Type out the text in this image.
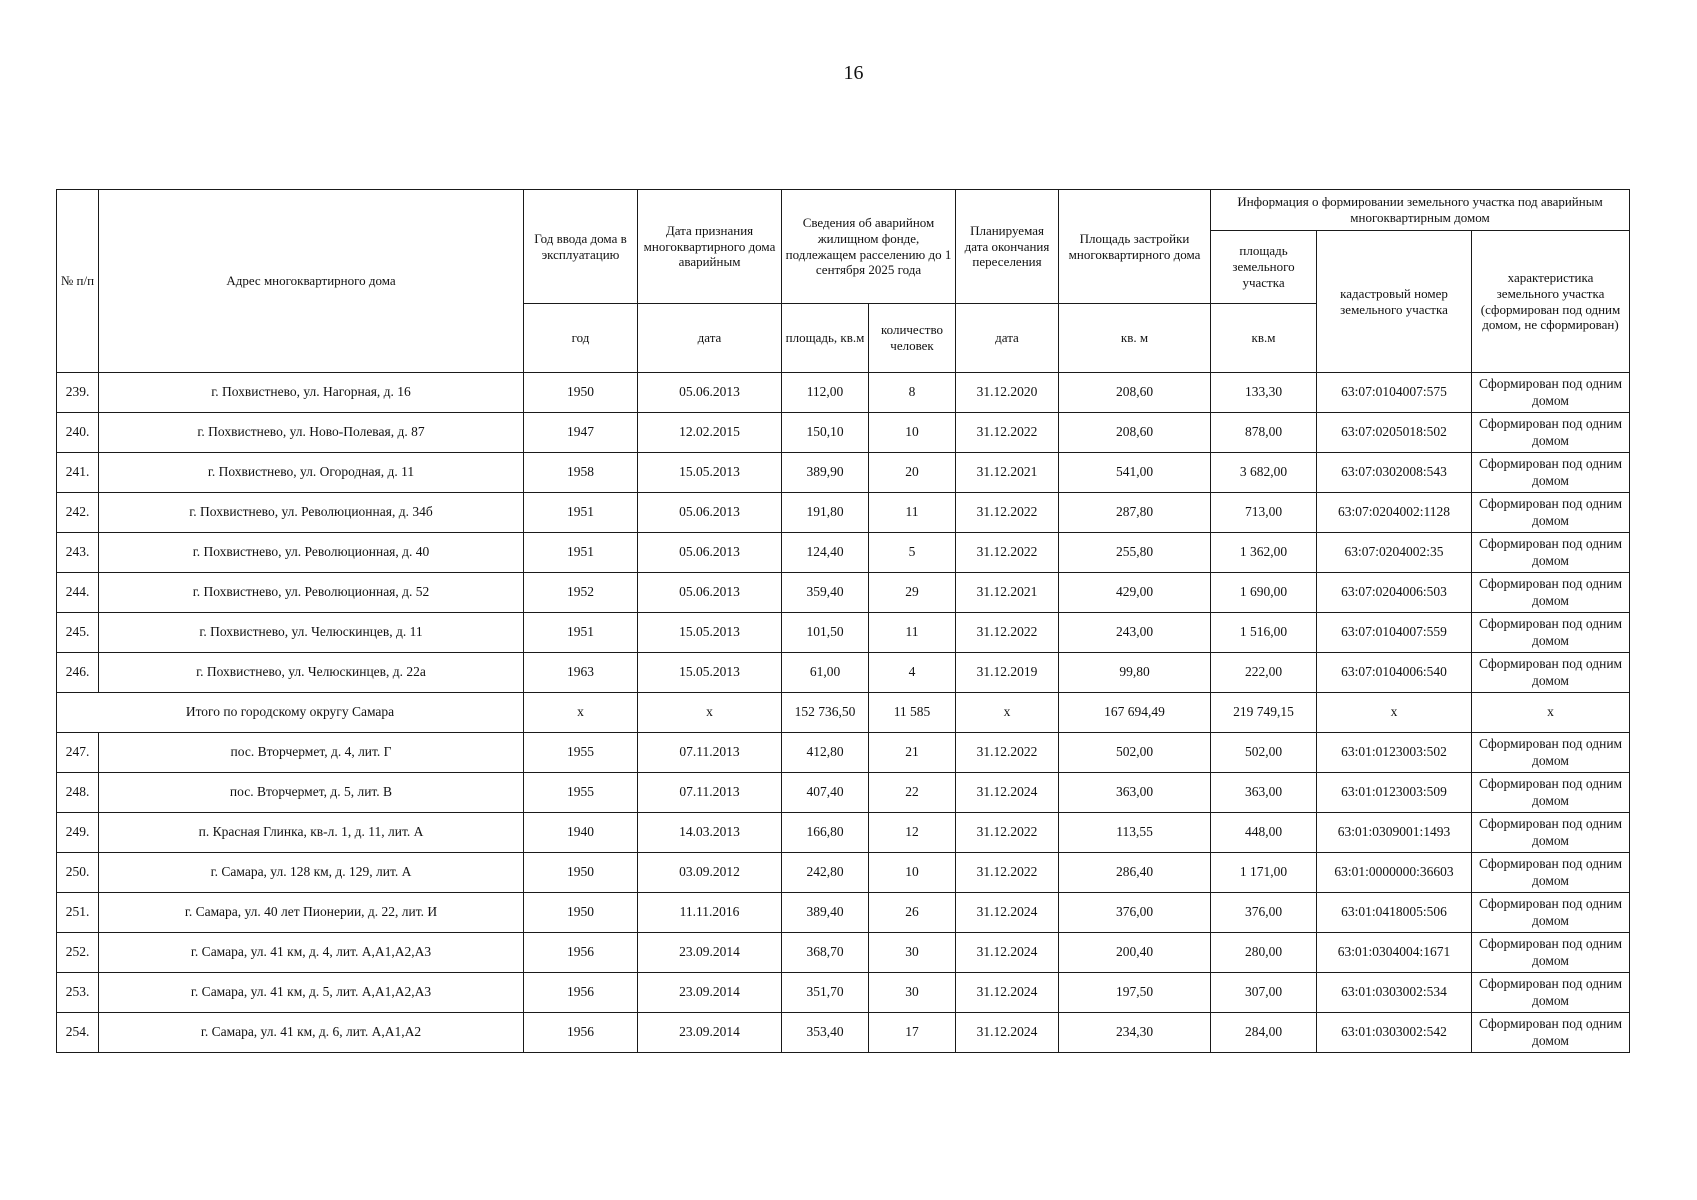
16
№ п/п	Адрес многоквартирного дома	Год ввода дома в эксплуатацию	Дата признания многоквартирного дома аварийным	Сведения об аварийном жилищном фонде, подлежащем расселению до 1 сентября 2025 года		Планируемая дата окончания переселения	Площадь застройки многоквартирного дома	Информация о формировании земельного участка под аварийным многоквартирным домом		
								площадь земельного участка	кадастровый номер земельного участка	характеристика земельного участка (сформирован под одним домом, не сформирован)
		год	дата	площадь, кв.м	количество человек	дата	кв. м	кв.м		
239.	г. Похвистнево, ул. Нагорная, д. 16	1950	05.06.2013	112,00	8	31.12.2020	208,60	133,30	63:07:0104007:575	Сформирован под одним домом
240.	г. Похвистнево, ул. Ново-Полевая, д. 87	1947	12.02.2015	150,10	10	31.12.2022	208,60	878,00	63:07:0205018:502	Сформирован под одним домом
241.	г. Похвистнево, ул. Огородная, д. 11	1958	15.05.2013	389,90	20	31.12.2021	541,00	3 682,00	63:07:0302008:543	Сформирован под одним домом
242.	г. Похвистнево, ул. Революционная, д. 34б	1951	05.06.2013	191,80	11	31.12.2022	287,80	713,00	63:07:0204002:1128	Сформирован под одним домом
243.	г. Похвистнево, ул. Революционная, д. 40	1951	05.06.2013	124,40	5	31.12.2022	255,80	1 362,00	63:07:0204002:35	Сформирован под одним домом
244.	г. Похвистнево, ул. Революционная, д. 52	1952	05.06.2013	359,40	29	31.12.2021	429,00	1 690,00	63:07:0204006:503	Сформирован под одним домом
245.	г. Похвистнево, ул. Челюскинцев, д. 11	1951	15.05.2013	101,50	11	31.12.2022	243,00	1 516,00	63:07:0104007:559	Сформирован под одним домом
246.	г. Похвистнево, ул. Челюскинцев, д. 22а	1963	15.05.2013	61,00	4	31.12.2019	99,80	222,00	63:07:0104006:540	Сформирован под одним домом
Итого по городскому округу Самара		x	x	152 736,50	11 585	x	167 694,49	219 749,15	x	x
247.	пос. Вторчермет, д. 4, лит. Г	1955	07.11.2013	412,80	21	31.12.2022	502,00	502,00	63:01:0123003:502	Сформирован под одним домом
248.	пос. Вторчермет, д. 5, лит. В	1955	07.11.2013	407,40	22	31.12.2024	363,00	363,00	63:01:0123003:509	Сформирован под одним домом
249.	п. Красная Глинка, кв-л. 1, д. 11, лит. А	1940	14.03.2013	166,80	12	31.12.2022	113,55	448,00	63:01:0309001:1493	Сформирован под одним домом
250.	г. Самара, ул. 128 км, д. 129, лит. А	1950	03.09.2012	242,80	10	31.12.2022	286,40	1 171,00	63:01:0000000:36603	Сформирован под одним домом
251.	г. Самара, ул. 40 лет Пионерии, д. 22, лит. И	1950	11.11.2016	389,40	26	31.12.2024	376,00	376,00	63:01:0418005:506	Сформирован под одним домом
252.	г. Самара, ул. 41 км, д. 4, лит. А,А1,А2,А3	1956	23.09.2014	368,70	30	31.12.2024	200,40	280,00	63:01:0304004:1671	Сформирован под одним домом
253.	г. Самара, ул. 41 км, д. 5, лит. А,А1,А2,А3	1956	23.09.2014	351,70	30	31.12.2024	197,50	307,00	63:01:0303002:534	Сформирован под одним домом
254.	г. Самара, ул. 41 км, д. 6, лит. А,А1,А2	1956	23.09.2014	353,40	17	31.12.2024	234,30	284,00	63:01:0303002:542	Сформирован под одним домом
